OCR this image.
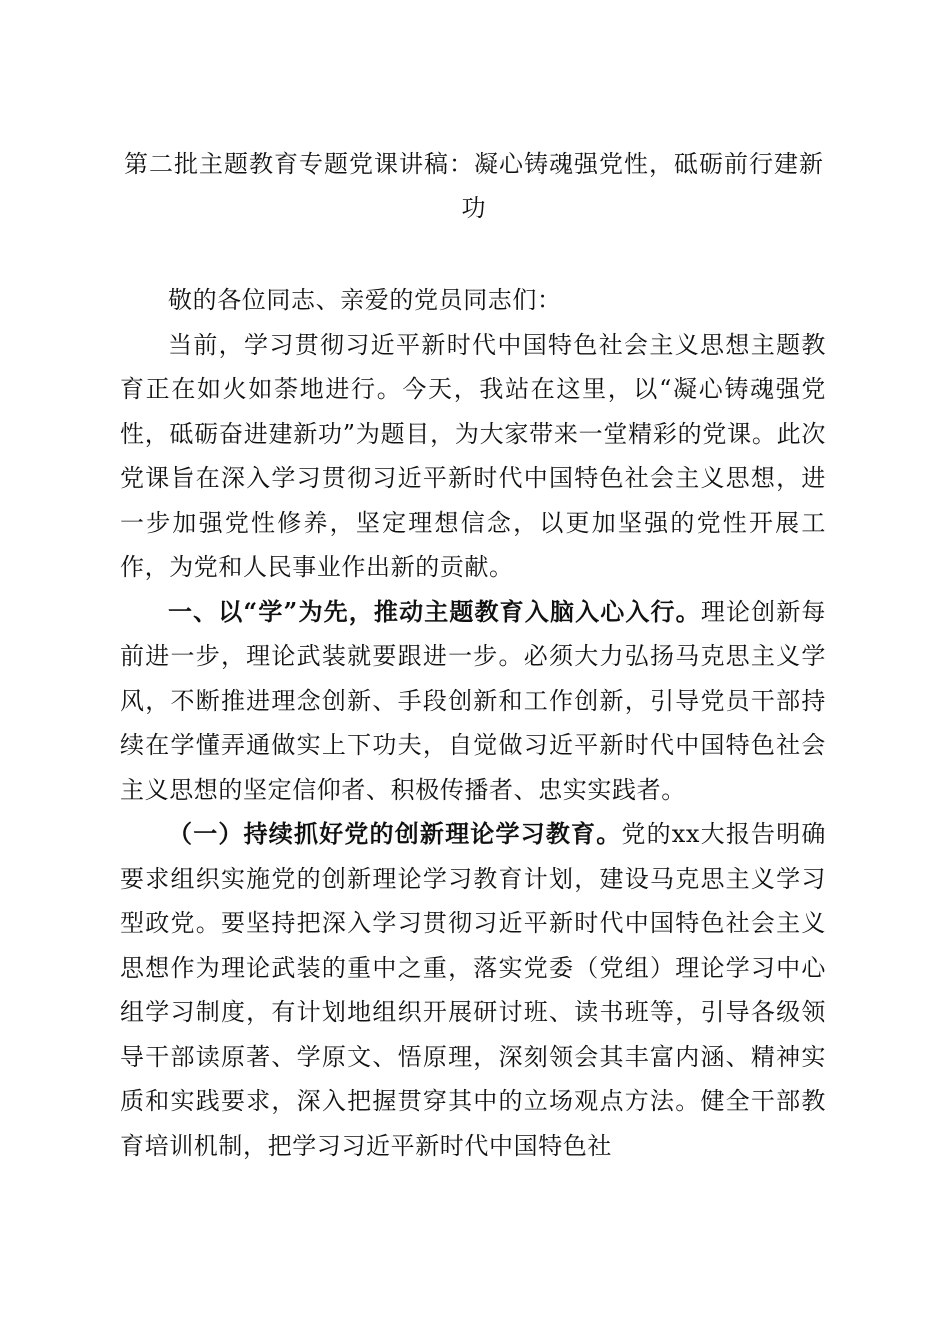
第二批主题教育专题党课讲稿：凝心铸魂强党性，砥砺前行建新功

敬的各位同志、亲爱的党员同志们：

当前，学习贯彻习近平新时代中国特色社会主义思想主题教育正在如火如荼地进行。今天，我站在这里，以“凝心铸魂强党性，砥砺奋进建新功”为题目，为大家带来一堂精彩的党课。此次党课旨在深入学习贯彻习近平新时代中国特色社会主义思想，进一步加强党性修养，坚定理想信念，以更加坚强的党性开展工作，为党和人民事业作出新的贡献。

一、以“学”为先，推动主题教育入脑入心入行。理论创新每前进一步，理论武装就要跟进一步。必须大力弘扬马克思主义学风，不断推进理念创新、手段创新和工作创新，引导党员干部持续在学懂弄通做实上下功夫，自觉做习近平新时代中国特色社会主义思想的坚定信仰者、积极传播者、忠实实践者。

（一）持续抓好党的创新理论学习教育。党的xx大报告明确要求组织实施党的创新理论学习教育计划，建设马克思主义学习型政党。要坚持把深入学习贯彻习近平新时代中国特色社会主义思想作为理论武装的重中之重，落实党委（党组）理论学习中心组学习制度，有计划地组织开展研讨班、读书班等，引导各级领导干部读原著、学原文、悟原理，深刻领会其丰富内涵、精神实质和实践要求，深入把握贯穿其中的立场观点方法。健全干部教育培训机制，把学习习近平新时代中国特色社
